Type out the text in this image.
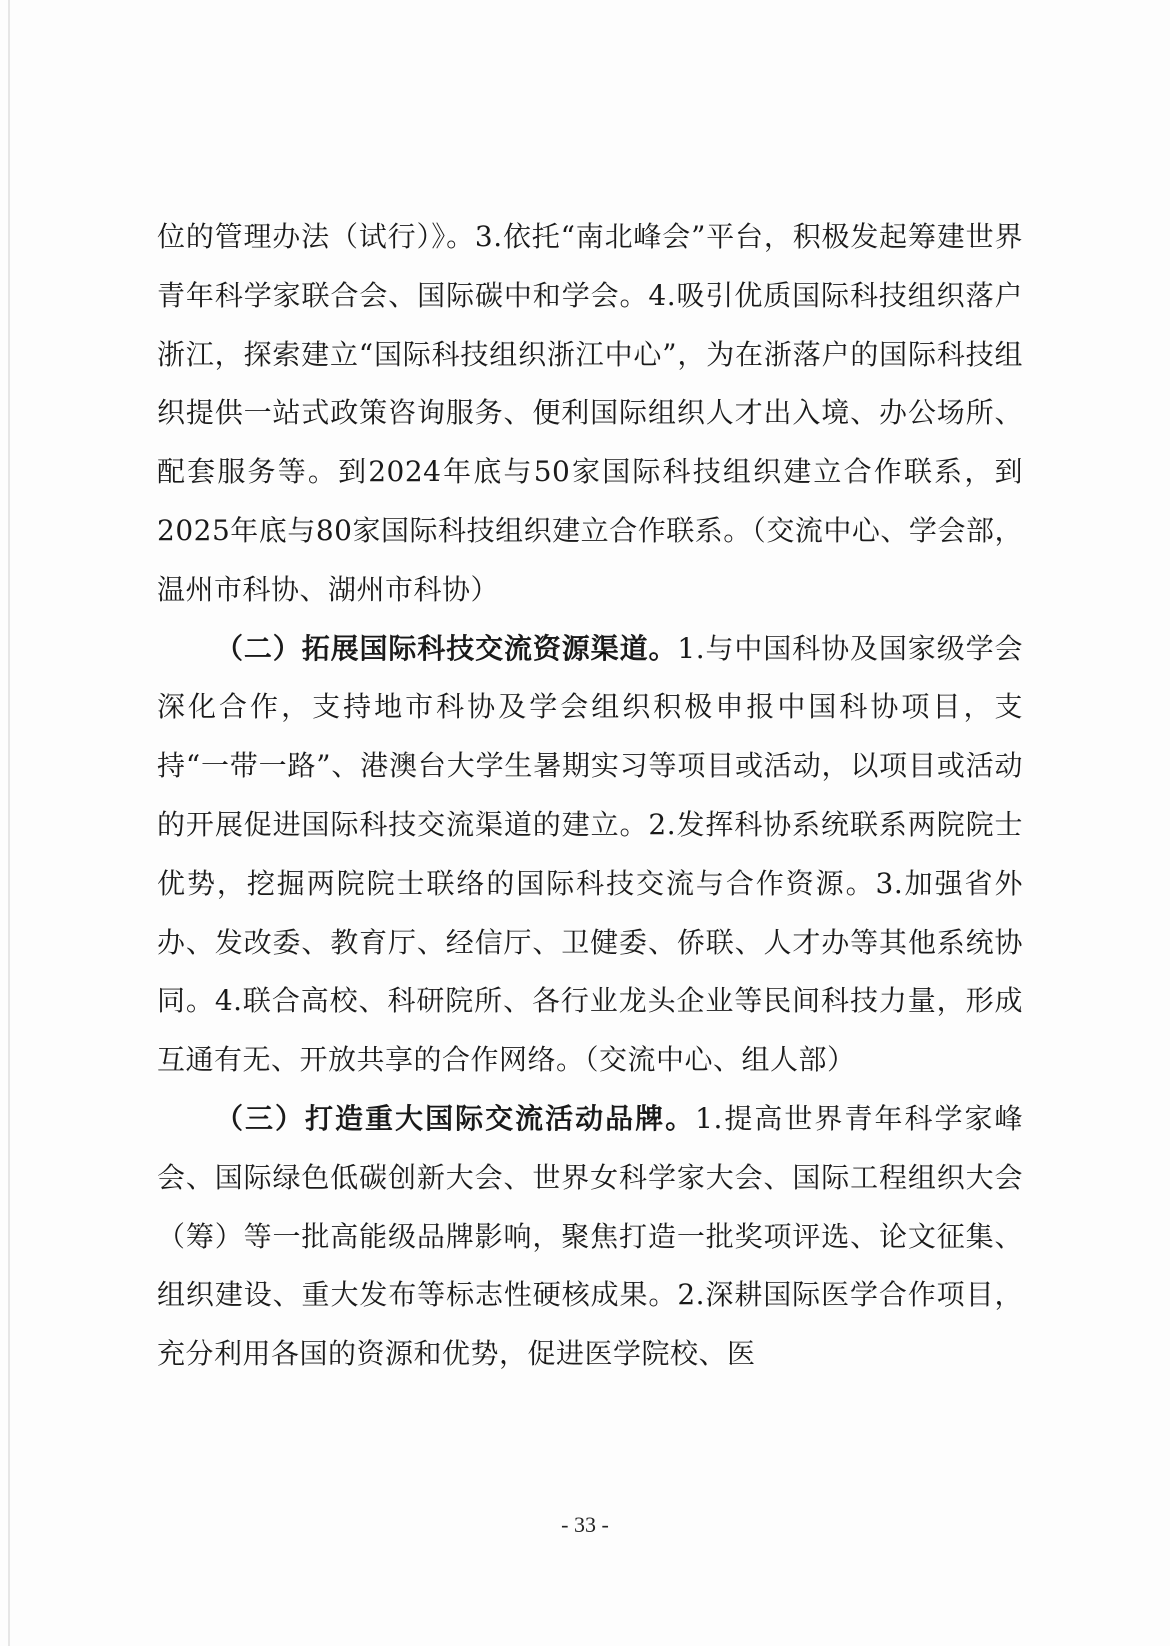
位的管理办法（试行）》。3.依托“南北峰会”平台，积极发起筹建世界青年科学家联合会、国际碳中和学会。4.吸引优质国际科技组织落户浙江，探索建立“国际科技组织浙江中心”，为在浙落户的国际科技组织提供一站式政策咨询服务、便利国际组织人才出入境、办公场所、配套服务等。到2024年底与50家国际科技组织建立合作联系，到2025年底与80家国际科技组织建立合作联系。（交流中心、学会部，温州市科协、湖州市科协）

（二）拓展国际科技交流资源渠道。1.与中国科协及国家级学会深化合作，支持地市科协及学会组织积极申报中国科协项目，支持“一带一路”、港澳台大学生暑期实习等项目或活动，以项目或活动的开展促进国际科技交流渠道的建立。2.发挥科协系统联系两院院士优势，挖掘两院院士联络的国际科技交流与合作资源。3.加强省外办、发改委、教育厅、经信厅、卫健委、侨联、人才办等其他系统协同。4.联合高校、科研院所、各行业龙头企业等民间科技力量，形成互通有无、开放共享的合作网络。（交流中心、组人部）

（三）打造重大国际交流活动品牌。1.提高世界青年科学家峰会、国际绿色低碳创新大会、世界女科学家大会、国际工程组织大会（筹）等一批高能级品牌影响，聚焦打造一批奖项评选、论文征集、组织建设、重大发布等标志性硬核成果。2.深耕国际医学合作项目，充分利用各国的资源和优势，促进医学院校、医

- 33 -
